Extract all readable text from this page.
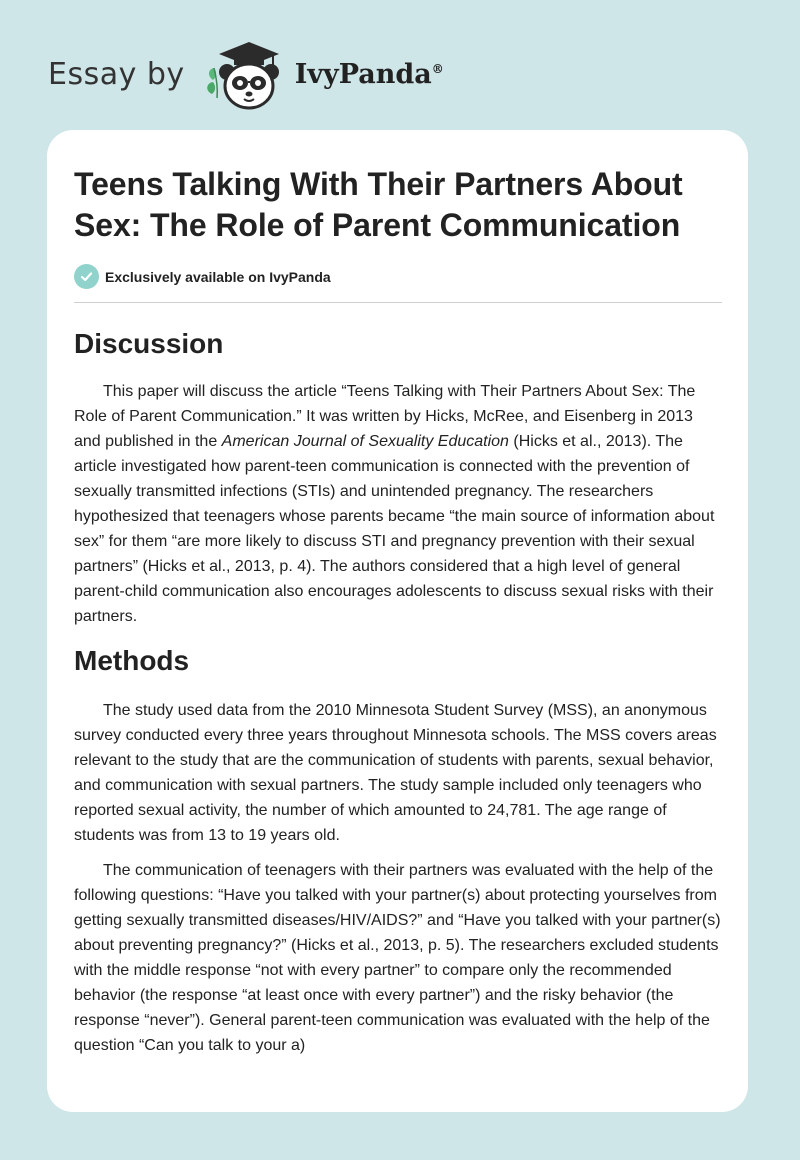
Essay by	IvyPanda®
Teens Talking With Their Partners About Sex: The Role of Parent Communication
Exclusively available on IvyPanda
Discussion

This paper will discuss the article “Teens Talking with Their Partners About Sex: The Role of Parent Communication.” It was written by Hicks, McRee, and Eisenberg in 2013 and published in the American Journal of Sexuality Education (Hicks et al., 2013). The article investigated how parent-teen communication is connected with the prevention of sexually transmitted infections (STIs) and unintended pregnancy. The researchers hypothesized that teenagers whose parents became “the main source of information about sex” for them “are more likely to discuss STI and pregnancy prevention with their sexual partners” (Hicks et al., 2013, p. 4). The authors considered that a high level of general parent-child communication also encourages adolescents to discuss sexual risks with their partners.

Methods

The study used data from the 2010 Minnesota Student Survey (MSS), an anonymous survey conducted every three years throughout Minnesota schools. The MSS covers areas relevant to the study that are the communication of students with parents, sexual behavior, and communication with sexual partners. The study sample included only teenagers who reported sexual activity, the number of which amounted to 24,781. The age range of students was from 13 to 19 years old.

The communication of teenagers with their partners was evaluated with the help of the following questions: “Have you talked with your partner(s) about protecting yourselves from getting sexually transmitted diseases/HIV/AIDS?” and “Have you talked with your partner(s) about preventing pregnancy?” (Hicks et al., 2013, p. 5). The researchers excluded students with the middle response “not with every partner” to compare only the recommended behavior (the response “at least once with every partner”) and the risky behavior (the response “never”). General parent-teen communication was evaluated with the help of the question “Can you talk to your a)
